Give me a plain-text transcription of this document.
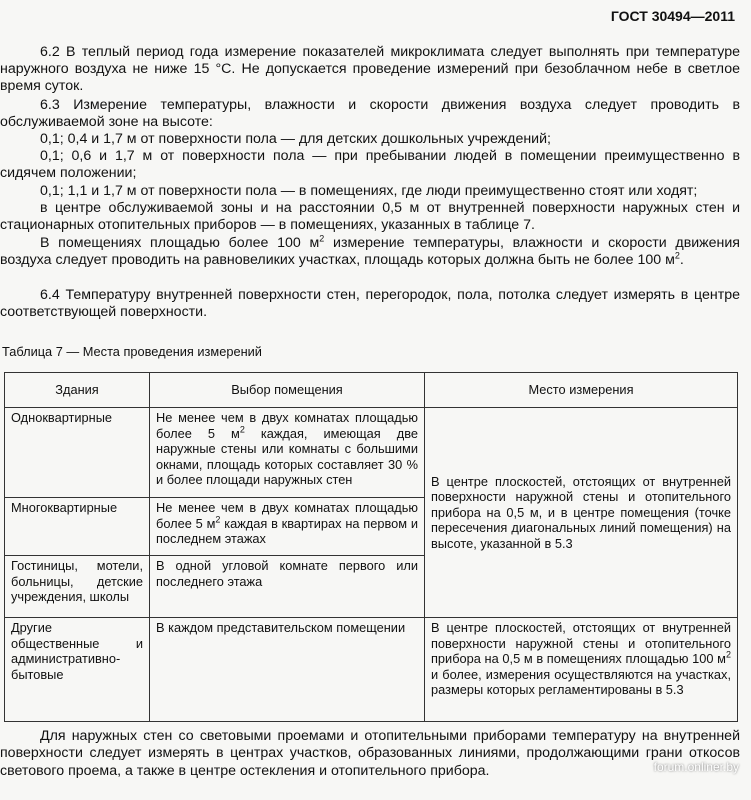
ГОСТ 30494—2011

6.2 В теплый период года измерение показателей микроклимата следует выполнять при температуре наружного воздуха не ниже 15 °С. Не допускается проведение измерений при безоблачном небе в светлое время суток.

6.3 Измерение температуры, влажности и скорости движения воздуха следует проводить в обслуживаемой зоне на высоте:

0,1; 0,4 и 1,7 м от поверхности пола — для детских дошкольных учреждений;

0,1; 0,6 и 1,7 м от поверхности пола — при пребывании людей в помещении преимущественно в сидячем положении;

0,1; 1,1 и 1,7 м от поверхности пола — в помещениях, где люди преимущественно стоят или ходят;

в центре обслуживаемой зоны и на расстоянии 0,5 м от внутренней поверхности наружных стен и стационарных отопительных приборов — в помещениях, указанных в таблице 7.

В помещениях площадью более 100 $м^2$ измерение температуры, влажности и скорости движения воздуха следует проводить на равновеликих участках, площадь которых должна быть не более 100 $м^2$.

6.4 Температуру внутренней поверхности стен, перегородок, пола, потолка следует измерять в центре соответствующей поверхности.

Таблица 7 — Места проведения измерений
Здания	Выбор помещения	Место измерения
Одноквартирные	Не менее чем в двух комнатах площадью более 5 $м^2$ каждая, имеющая две наружные стены или комнаты с большими окнами, площадь которых составляет 30 % и более площади наружных стен	В центре плоскостей, отстоящих от внутренней поверхности наружной стены и отопительного прибора на 0,5 м, и в центре помещения (точке пересечения диагональных линий помещения) на высоте, указанной в 5.3
Многоквартирные	Не менее чем в двух комнатах площадью более 5 $м^2$ каждая в квартирах на первом и последнем этажах	
Гостиницы, мотели, больницы, детские учреждения, школы	В одной угловой комнате первого или последнего этажа	
Другие общественные и административно-бытовые	В каждом представительском помещении	В центре плоскостей, отстоящих от внутренней поверхности наружной стены и отопительного прибора на 0,5 м в помещениях площадью 100 $м^2$ и более, измерения осуществляются на участках, размеры которых регламентированы в 5.3

Для наружных стен со световыми проемами и отопительными приборами температуру на внутренней поверхности следует измерять в центрах участков, образованных линиями, продолжающими грани откосов светового проема, а также в центре остекления и отопительного прибора.	forum.onliner.by
